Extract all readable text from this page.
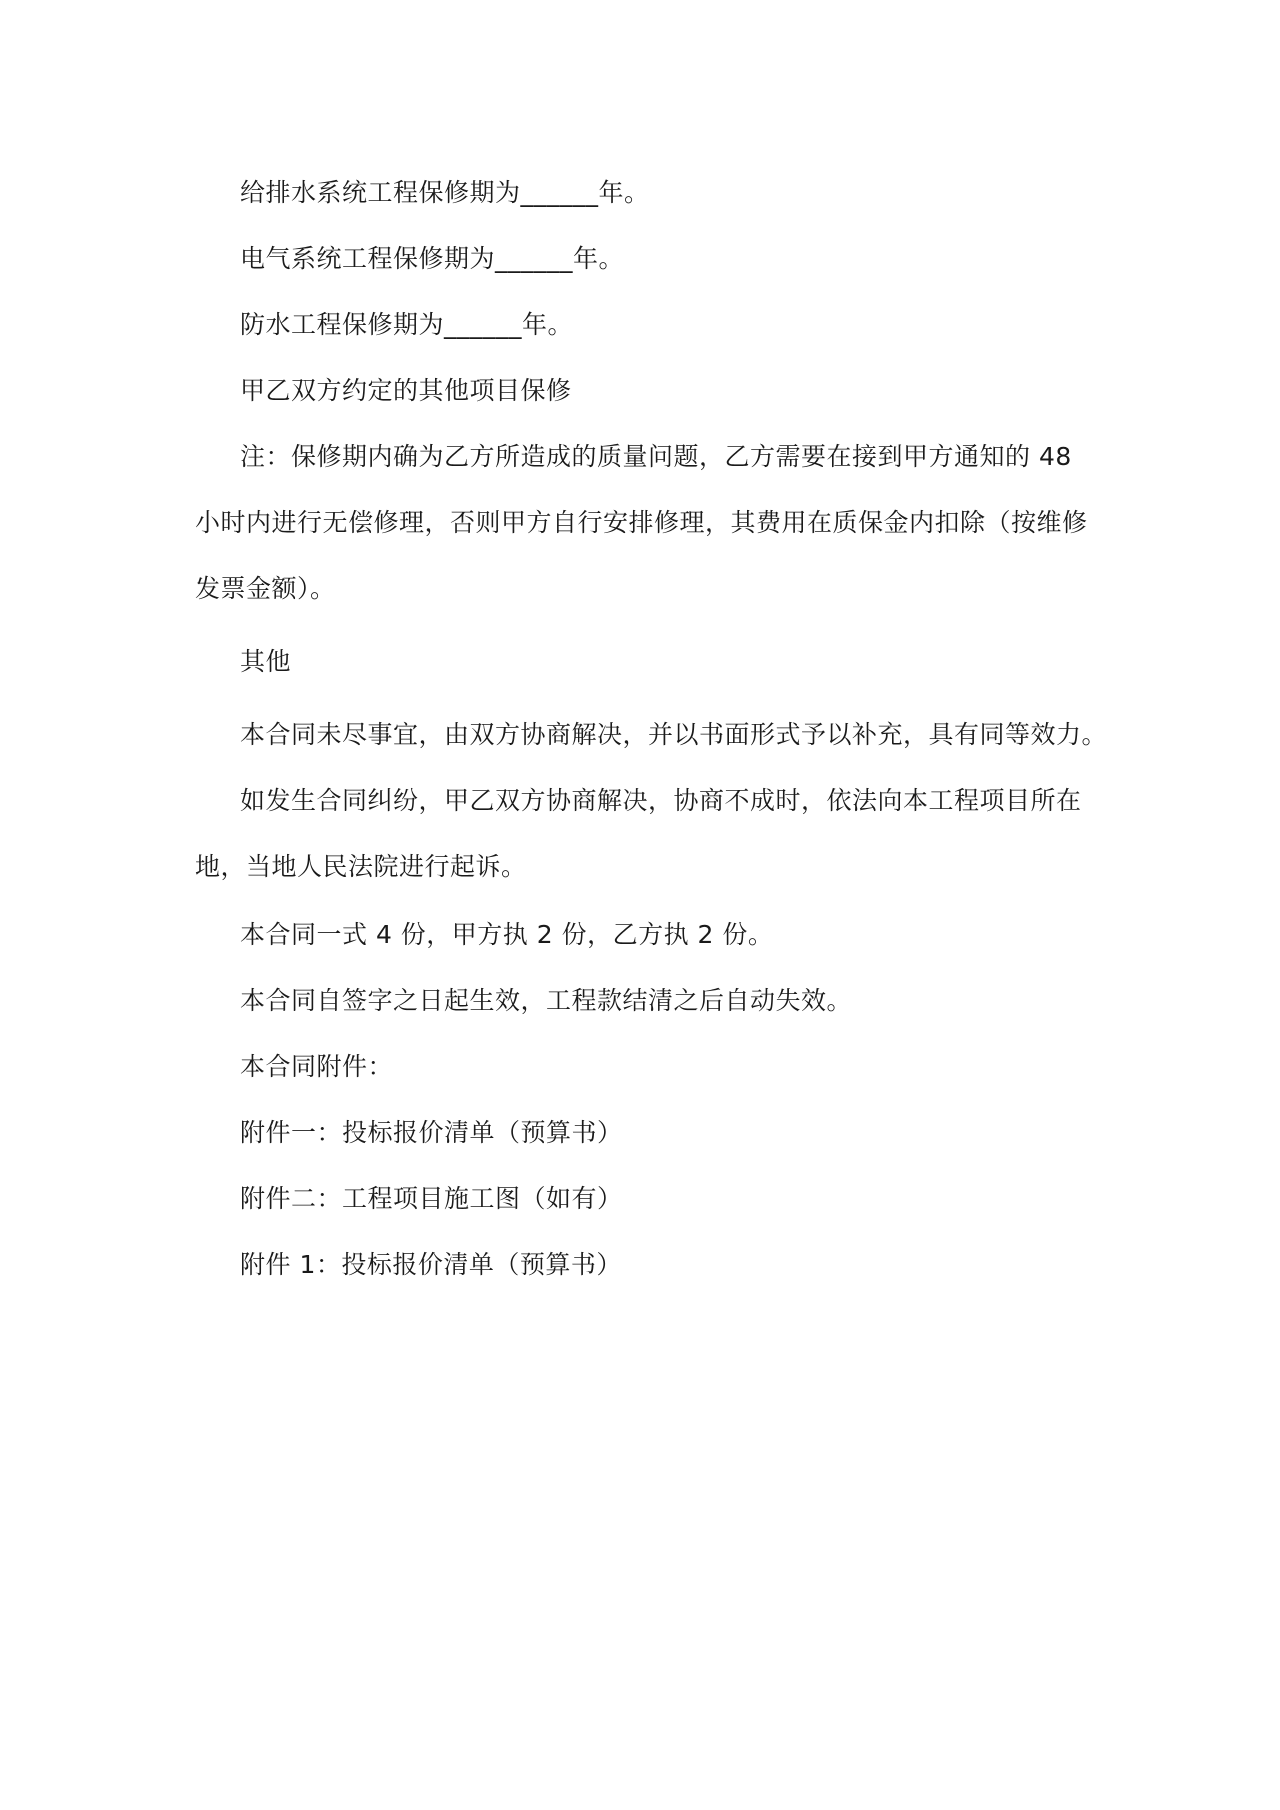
给排水系统工程保修期为______年。
电气系统工程保修期为______年。
防水工程保修期为______年。
甲乙双方约定的其他项目保修
注：保修期内确为乙方所造成的质量问题，乙方需要在接到甲方通知的 48
小时内进行无偿修理，否则甲方自行安排修理，其费用在质保金内扣除（按维修
发票金额）。
其他
本合同未尽事宜，由双方协商解决，并以书面形式予以补充，具有同等效力。
如发生合同纠纷，甲乙双方协商解决，协商不成时，依法向本工程项目所在
地，当地人民法院进行起诉。
本合同一式 4 份，甲方执 2 份，乙方执 2 份。
本合同自签字之日起生效，工程款结清之后自动失效。
本合同附件：
附件一：投标报价清单（预算书）
附件二：工程项目施工图（如有）
附件 1：投标报价清单（预算书）
